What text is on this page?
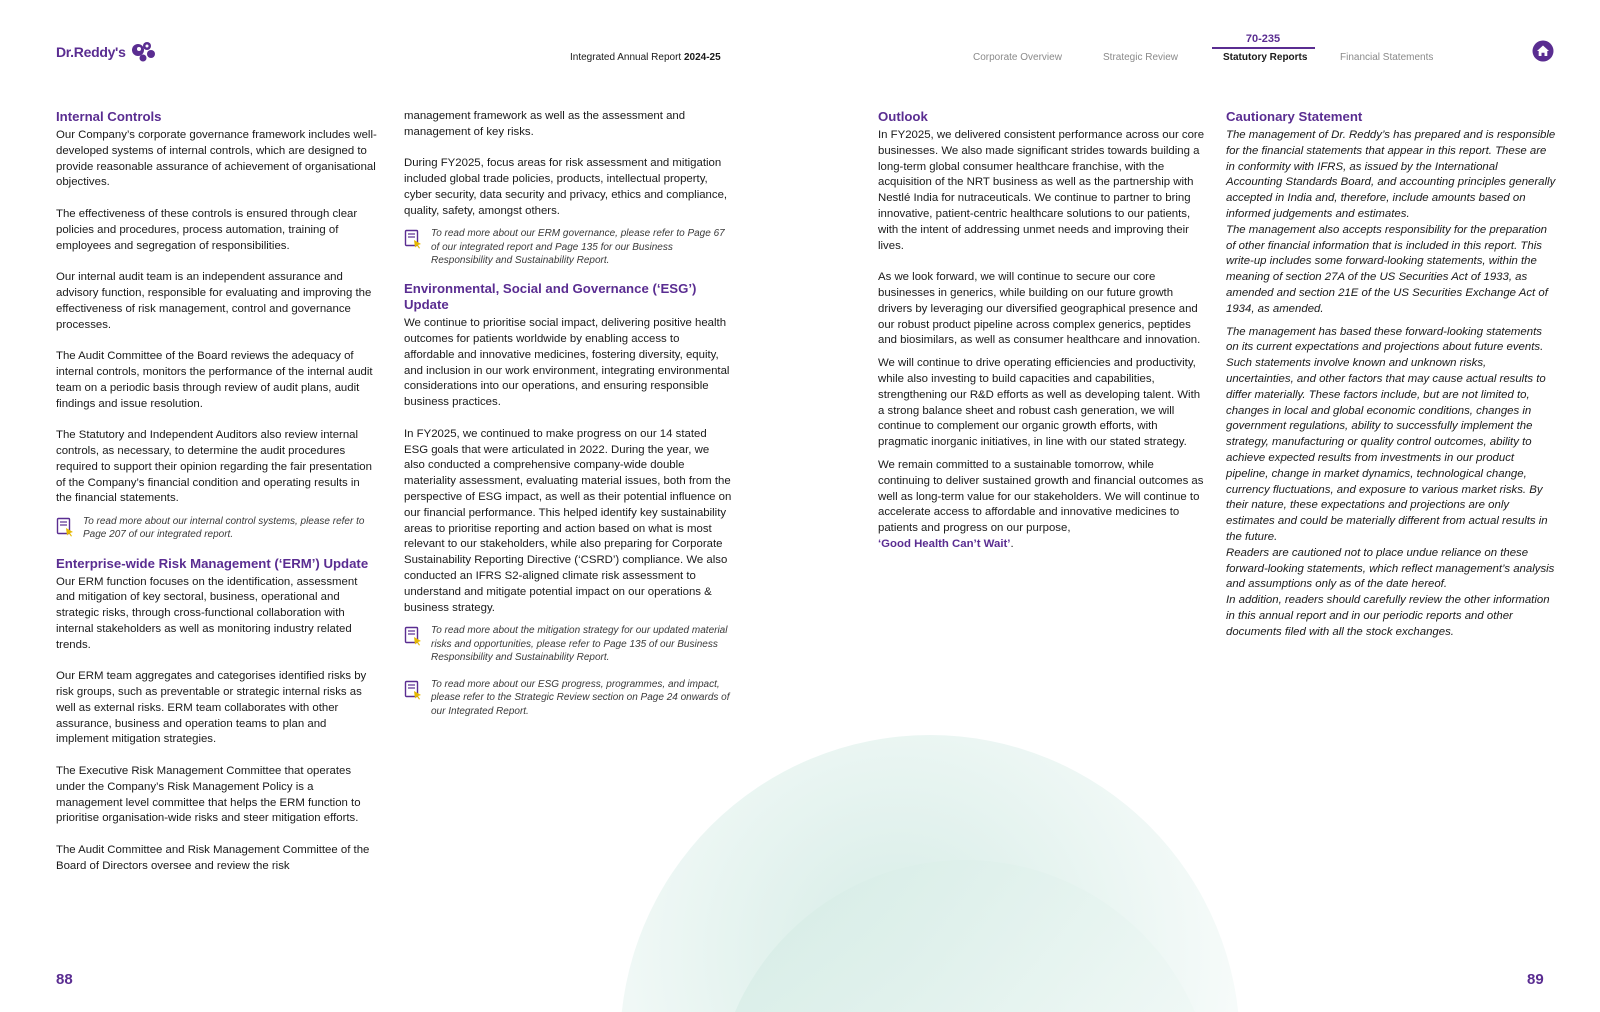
Dr.Reddy's	Integrated Annual Report 2024-25	Corporate Overview	Strategic Review
70-235
Statutory Reports	Financial Statements
Internal Controls

Our Company’s corporate governance framework includes well-developed systems of internal controls, which are designed to provide reasonable assurance of achievement of organisational objectives.

The effectiveness of these controls is ensured through clear policies and procedures, process automation, training of employees and segregation of responsibilities.

Our internal audit team is an independent assurance and advisory function, responsible for evaluating and improving the effectiveness of risk management, control and governance processes.

The Audit Committee of the Board reviews the adequacy of internal controls, monitors the performance of the internal audit team on a periodic basis through review of audit plans, audit findings and issue resolution.

The Statutory and Independent Auditors also review internal controls, as necessary, to determine the audit procedures required to support their opinion regarding the fair presentation of the Company’s financial condition and operating results in the financial statements.

To read more about our internal control systems, please refer to Page 207 of our integrated report.
Enterprise-wide Risk Management (‘ERM’) Update

Our ERM function focuses on the identification, assessment and mitigation of key sectoral, business, operational and strategic risks, through cross-functional collaboration with internal stakeholders as well as monitoring industry related trends.

Our ERM team aggregates and categorises identified risks by risk groups, such as preventable or strategic internal risks as well as external risks. ERM team collaborates with other assurance, business and operation teams to plan and implement mitigation strategies.

The Executive Risk Management Committee that operates under the Company’s Risk Management Policy is a management level committee that helps the ERM function to prioritise organisation-wide risks and steer mitigation efforts.

The Audit Committee and Risk Management Committee of the Board of Directors oversee and review the risk

management framework as well as the assessment and management of key risks.

During FY2025, focus areas for risk assessment and mitigation included global trade policies, products, intellectual property, cyber security, data security and privacy, ethics and compliance, quality, safety, amongst others.

To read more about our ERM governance, please refer to Page 67 of our integrated report and Page 135 for our Business Responsibility and Sustainability Report.
Environmental, Social and Governance (‘ESG’) Update

We continue to prioritise social impact, delivering positive health outcomes for patients worldwide by enabling access to affordable and innovative medicines, fostering diversity, equity, and inclusion in our work environment, integrating environmental considerations into our operations, and ensuring responsible business practices.

In FY2025, we continued to make progress on our 14 stated ESG goals that were articulated in 2022. During the year, we also conducted a comprehensive company-wide double materiality assessment, evaluating material issues, both from the perspective of ESG impact, as well as their potential influence on our financial performance. This helped identify key sustainability areas to prioritise reporting and action based on what is most relevant to our stakeholders, while also preparing for Corporate Sustainability Reporting Directive (‘CSRD’) compliance. We also conducted an IFRS S2-aligned climate risk assessment to understand and mitigate potential impact on our operations & business strategy.

To read more about the mitigation strategy for our updated material risks and opportunities, please refer to Page 135 of our Business Responsibility and Sustainability Report.
To read more about our ESG progress, programmes, and impact, please refer to the Strategic Review section on Page 24 onwards of our Integrated Report.
Outlook

In FY2025, we delivered consistent performance across our core businesses. We also made significant strides towards building a long-term global consumer healthcare franchise, with the acquisition of the NRT business as well as the partnership with Nestlé India for nutraceuticals. We continue to partner to bring innovative, patient-centric healthcare solutions to our patients, with the intent of addressing unmet needs and improving their lives.

As we look forward, we will continue to secure our core businesses in generics, while building on our future growth drivers by leveraging our diversified geographical presence and our robust product pipeline across complex generics, peptides and biosimilars, as well as consumer healthcare and innovation.

We will continue to drive operating efficiencies and productivity, while also investing to build capacities and capabilities, strengthening our R&D efforts as well as developing talent. With a strong balance sheet and robust cash generation, we will continue to complement our organic growth efforts, with pragmatic inorganic initiatives, in line with our stated strategy.

We remain committed to a sustainable tomorrow, while continuing to deliver sustained growth and financial outcomes as well as long-term value for our stakeholders. We will continue to accelerate access to affordable and innovative medicines to patients and progress on our purpose,
‘Good Health Can’t Wait’.

Cautionary Statement

The management of Dr. Reddy’s has prepared and is responsible for the financial statements that appear in this report. These are in conformity with IFRS, as issued by the International Accounting Standards Board, and accounting principles generally accepted in India and, therefore, include amounts based on informed judgements and estimates.

The management also accepts responsibility for the preparation of other financial information that is included in this report. This write-up includes some forward-looking statements, within the meaning of section 27A of the US Securities Act of 1933, as amended and section 21E of the US Securities Exchange Act of 1934, as amended.

The management has based these forward-looking statements on its current expectations and projections about future events. Such statements involve known and unknown risks, uncertainties, and other factors that may cause actual results to differ materially. These factors include, but are not limited to, changes in local and global economic conditions, changes in government regulations, ability to successfully implement the strategy, manufacturing or quality control outcomes, ability to achieve expected results from investments in our product pipeline, change in market dynamics, technological change, currency fluctuations, and exposure to various market risks. By their nature, these expectations and projections are only estimates and could be materially different from actual results in the future.

Readers are cautioned not to place undue reliance on these forward-looking statements, which reflect management’s analysis and assumptions only as of the date hereof.

In addition, readers should carefully review the other information in this annual report and in our periodic reports and other documents filed with all the stock exchanges.

88	89
